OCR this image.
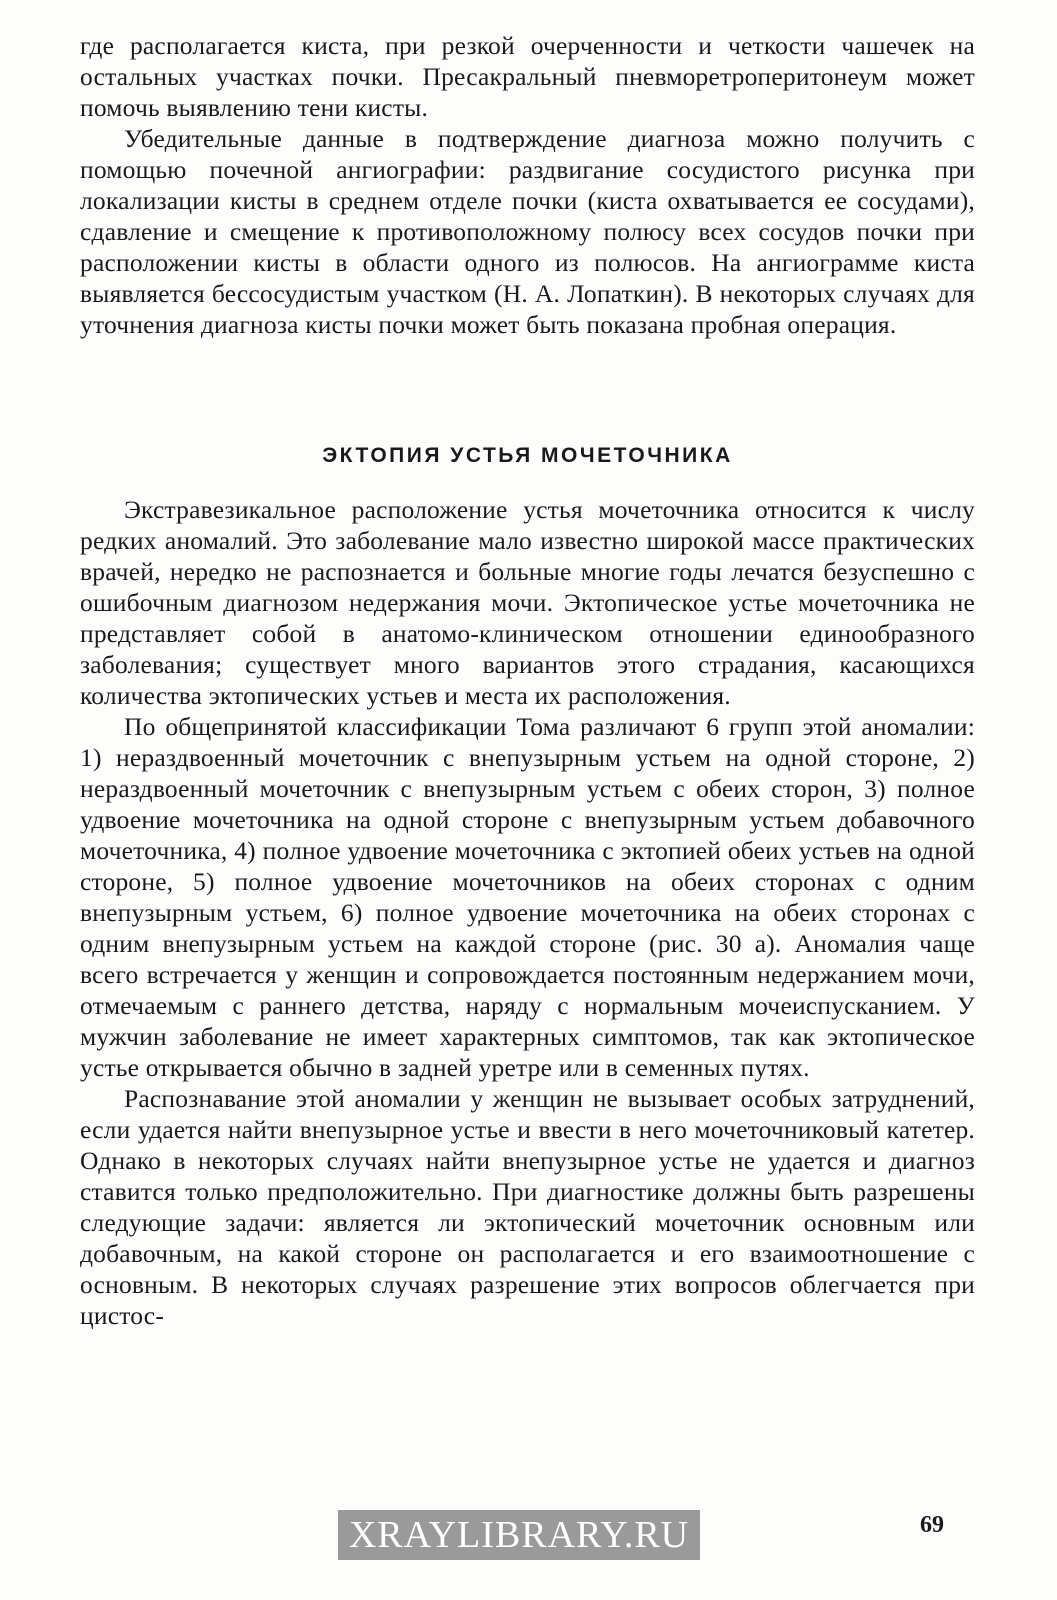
где располагается киста, при резкой очерченности и четкости чашечек на остальных участках почки. Пресакральный пневморетроперитонеум может помочь выявлению тени кисты.

Убедительные данные в подтверждение диагноза можно получить с помощью почечной ангиографии: раздвигание сосудистого рисунка при локализации кисты в среднем отделе почки (киста охватывается ее сосудами), сдавление и смещение к противоположному полюсу всех сосудов почки при расположении кисты в области одного из полюсов. На ангиограмме киста выявляется бессосудистым участком (Н. А. Лопаткин). В некоторых случаях для уточнения диагноза кисты почки может быть показана пробная операция.

ЭКТОПИЯ УСТЬЯ МОЧЕТОЧНИКА

Экстравезикальное расположение устья мочеточника относится к числу редких аномалий. Это заболевание мало известно широкой массе практических врачей, нередко не распознается и больные многие годы лечатся безуспешно с ошибочным диагнозом недержания мочи. Эктопическое устье мочеточника не представляет собой в анатомо-клиническом отношении единообразного заболевания; существует много вариантов этого страдания, касающихся количества эктопических устьев и места их расположения.

По общепринятой классификации Тома различают 6 групп этой аномалии: 1) нераздвоенный мочеточник с внепузырным устьем на одной стороне, 2) нераздвоенный мочеточник с внепузырным устьем с обеих сторон, 3) полное удвоение мочеточника на одной стороне с внепузырным устьем добавочного мочеточника, 4) полное удвоение мочеточника с эктопией обеих устьев на одной стороне, 5) полное удвоение мочеточников на обеих сторонах с одним внепузырным устьем, 6) полное удвоение мочеточника на обеих сторонах с одним внепузырным устьем на каждой стороне (рис. 30 а). Аномалия чаще всего встречается у женщин и сопровождается постоянным недержанием мочи, отмечаемым с раннего детства, наряду с нормальным мочеиспусканием. У мужчин заболевание не имеет характерных симптомов, так как эктопическое устье открывается обычно в задней уретре или в семенных путях.

Распознавание этой аномалии у женщин не вызывает особых затруднений, если удается найти внепузырное устье и ввести в него мочеточниковый катетер. Однако в некоторых случаях найти внепузырное устье не удается и диагноз ставится только предположительно. При диагностике должны быть разрешены следующие задачи: является ли эктопический мочеточник основным или добавочным, на какой стороне он располагается и его взаимоотношение с основным. В некоторых случаях разрешение этих вопросов облегчается при цистос-

XRAYLIBRARY.RU	69
